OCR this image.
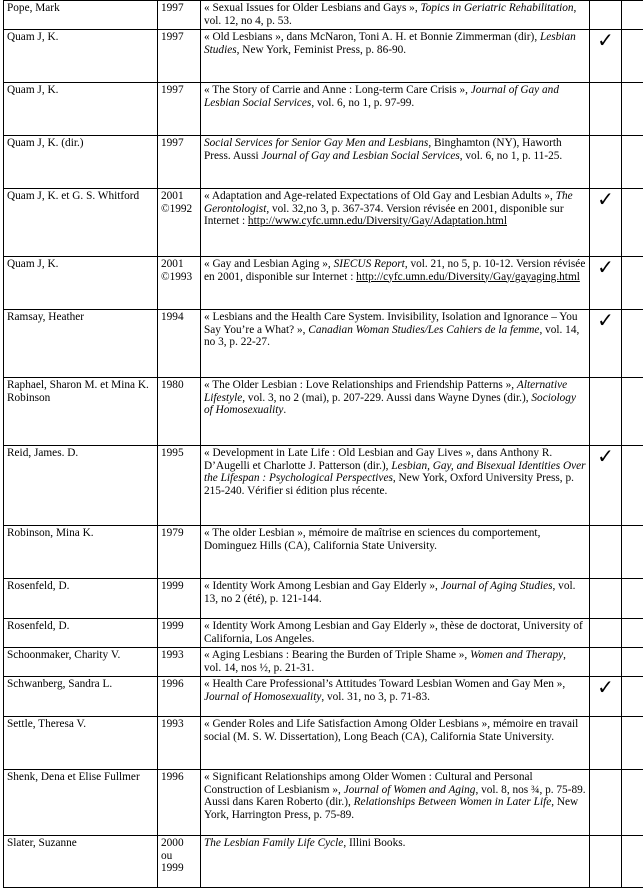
Pope, Mark	1997	« Sexual Issues for Older Lesbians and Gays », Topics in Geriatric Rehabilitation, vol. 12, no 4, p. 53.		
Quam J, K.	1997	« Old Lesbians », dans McNaron, Toni A. H. et Bonnie Zimmerman (dir), Lesbian Studies, New York, Feminist Press, p. 86-90.	✓	
Quam J, K.	1997	« The Story of Carrie and Anne : Long-term Care Crisis », Journal of Gay and Lesbian Social Services, vol. 6, no 1, p. 97-99.		
Quam J, K. (dir.)	1997	Social Services for Senior Gay Men and Lesbians, Binghamton (NY), Haworth Press. Aussi Journal of Gay and Lesbian Social Services, vol. 6, no 1, p. 11-25.		
Quam J, K. et G. S. Whitford	2001 ©1992	« Adaptation and Age-related Expectations of Old Gay and Lesbian Adults », The Gerontologist, vol. 32,no 3, p. 367-374. Version révisée en 2001, disponible sur Internet : http://www.cyfc.umn.edu/Diversity/Gay/Adaptation.html	✓	
Quam J, K.	2001 ©1993	« Gay and Lesbian Aging », SIECUS Report, vol. 21, no 5, p. 10-12. Version révisée en 2001, disponible sur Internet : http://cyfc.umn.edu/Diversity/Gay/gayaging.html	✓	
Ramsay, Heather	1994	« Lesbians and the Health Care System. Invisibility, Isolation and Ignorance – You Say You’re a What? », Canadian Woman Studies/Les Cahiers de la femme, vol. 14, no 3, p. 22-27.	✓	
Raphael, Sharon M. et Mina K. Robinson	1980	« The Older Lesbian : Love Relationships and Friendship Patterns », Alternative Lifestyle, vol. 3, no 2 (mai), p. 207-229. Aussi dans Wayne Dynes (dir.), Sociology of Homosexuality.		
Reid, James. D.	1995	« Development in Late Life : Old Lesbian and Gay Lives », dans Anthony R. D’Augelli et Charlotte J. Patterson (dir.), Lesbian, Gay, and Bisexual Identities Over the Lifespan : Psychological Perspectives, New York, Oxford University Press, p. 215-240. Vérifier si édition plus récente.	✓	
Robinson, Mina K.	1979	« The older Lesbian », mémoire de maîtrise en sciences du comportement, Dominguez Hills (CA), California State University.		
Rosenfeld, D.	1999	« Identity Work Among Lesbian and Gay Elderly », Journal of Aging Studies, vol. 13, no 2 (été), p. 121-144.		
Rosenfeld, D.	1999	« Identity Work Among Lesbian and Gay Elderly », thèse de doctorat, University of California, Los Angeles.		
Schoonmaker, Charity V.	1993	« Aging Lesbians : Bearing the Burden of Triple Shame », Women and Therapy, vol. 14, nos ½, p. 21-31.		
Schwanberg, Sandra L.	1996	« Health Care Professional’s Attitudes Toward Lesbian Women and Gay Men », Journal of Homosexuality, vol. 31, no 3, p. 71-83.	✓	
Settle, Theresa V.	1993	« Gender Roles and Life Satisfaction Among Older Lesbians », mémoire en travail social (M. S. W. Dissertation), Long Beach (CA), California State University.		
Shenk, Dena et Elise Fullmer	1996	« Significant Relationships among Older Women : Cultural and Personal Construction of Lesbianism », Journal of Women and Aging, vol. 8, nos ¾, p. 75-89. Aussi dans Karen Roberto (dir.), Relationships Between Women in Later Life, New York, Harrington Press, p. 75-89.		
Slater, Suzanne	2000 ou 1999	The Lesbian Family Life Cycle, Illini Books.		
